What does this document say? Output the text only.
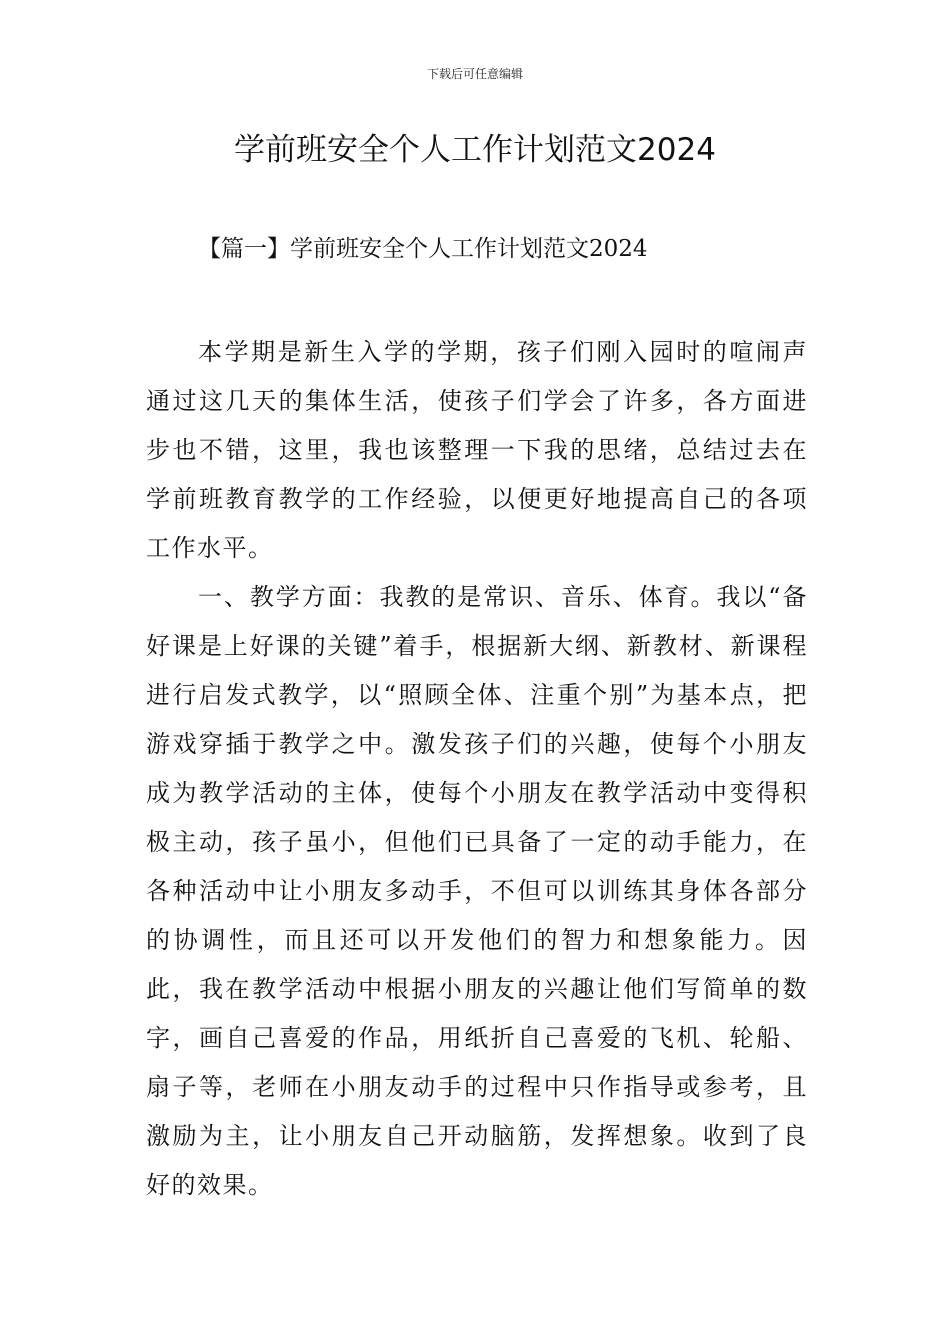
下载后可任意编辑
学前班安全个人工作计划范文2024
【篇一】学前班安全个人工作计划范文2024

本学期是新生入学的学期，孩子们刚入园时的喧闹声通过这几天的集体生活，使孩子们学会了许多，各方面进步也不错，这里，我也该整理一下我的思绪，总结过去在学前班教育教学的工作经验，以便更好地提高自己的各项工作水平。

一、教学方面：我教的是常识、音乐、体育。我以“备好课是上好课的关键”着手，根据新大纲、新教材、新课程进行启发式教学，以“照顾全体、注重个别”为基本点，把游戏穿插于教学之中。激发孩子们的兴趣，使每个小朋友成为教学活动的主体，使每个小朋友在教学活动中变得积极主动，孩子虽小，但他们已具备了一定的动手能力，在各种活动中让小朋友多动手，不但可以训练其身体各部分的协调性，而且还可以开发他们的智力和想象能力。因此，我在教学活动中根据小朋友的兴趣让他们写简单的数字，画自己喜爱的作品，用纸折自己喜爱的飞机、轮船、扇子等，老师在小朋友动手的过程中只作指导或参考，且激励为主，让小朋友自己开动脑筋，发挥想象。收到了良好的效果。
